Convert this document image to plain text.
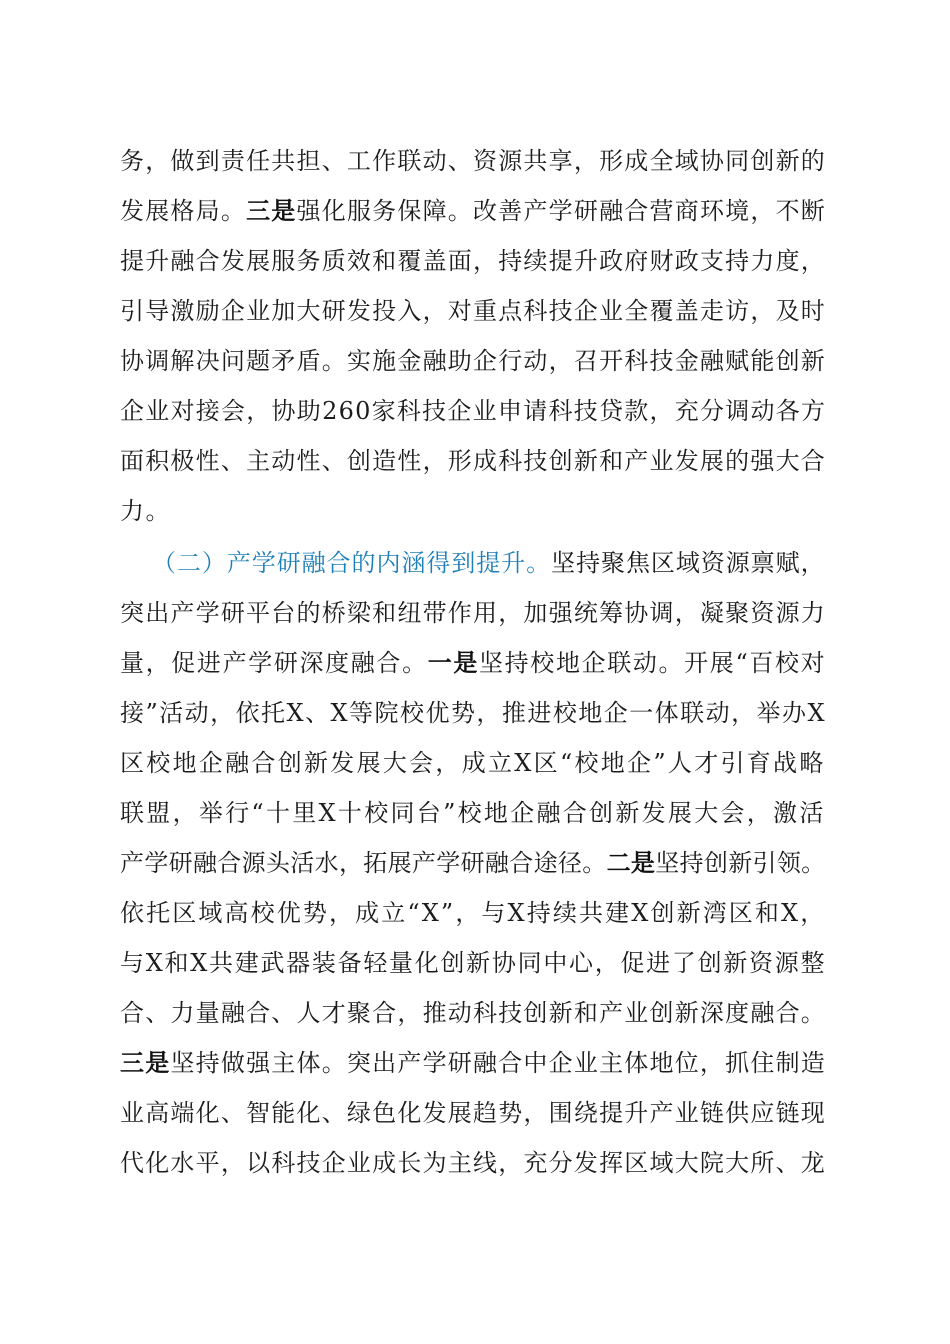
务，做到责任共担、工作联动、资源共享，形成全域协同创新的
发展格局。三是强化服务保障。改善产学研融合营商环境，不断
提升融合发展服务质效和覆盖面，持续提升政府财政支持力度，
引导激励企业加大研发投入，对重点科技企业全覆盖走访，及时
协调解决问题矛盾。实施金融助企行动，召开科技金融赋能创新
企业对接会，协助260家科技企业申请科技贷款，充分调动各方
面积极性、主动性、创造性，形成科技创新和产业发展的强大合
力。
（二）产学研融合的内涵得到提升。坚持聚焦区域资源禀赋，
突出产学研平台的桥梁和纽带作用，加强统筹协调，凝聚资源力
量，促进产学研深度融合。一是坚持校地企联动。开展“百校对
接”活动，依托X、X等院校优势，推进校地企一体联动，举办X
区校地企融合创新发展大会，成立X区“校地企”人才引育战略
联盟，举行“十里X十校同台”校地企融合创新发展大会，激活
产学研融合源头活水，拓展产学研融合途径。二是坚持创新引领。
依托区域高校优势，成立“X”，与X持续共建X创新湾区和X，
与X和X共建武器装备轻量化创新协同中心，促进了创新资源整
合、力量融合、人才聚合，推动科技创新和产业创新深度融合。
三是坚持做强主体。突出产学研融合中企业主体地位，抓住制造
业高端化、智能化、绿色化发展趋势，围绕提升产业链供应链现
代化水平，以科技企业成长为主线，充分发挥区域大院大所、龙
